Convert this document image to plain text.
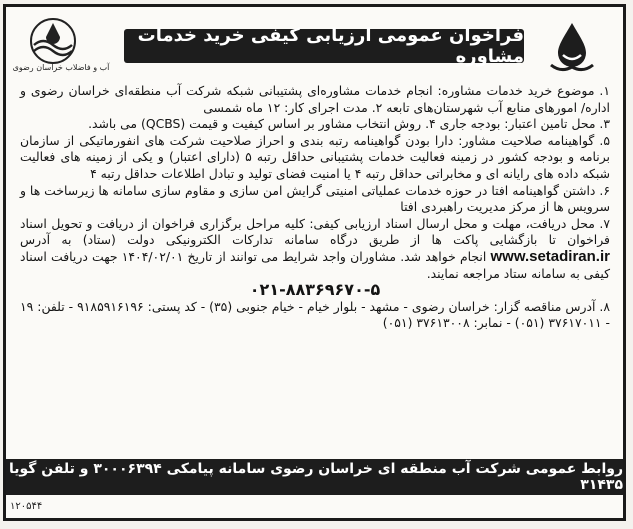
آب و فاضلاب خراسان رضوی
فراخوان عمومی ارزیابی کیفی خرید خدمات مشاوره

۱. موضوع خرید خدمات مشاوره: انجام خدمات مشاوره‌ای پشتیبانی شبکه شرکت آب منطقه‌ای خراسان رضوی و اداره/ امورهای منابع آب شهرستان‌های تابعه ۲. مدت اجرای کار: ۱۲ ماه شمسی

۳. محل تامین اعتبار: بودجه جاری ۴. روش انتخاب مشاور بر اساس کیفیت و قیمت (QCBS) می باشد.

۵. گواهینامه صلاحیت مشاور: دارا بودن گواهینامه رتبه بندی و احراز صلاحیت شرکت های انفورماتیکی از سازمان برنامه و بودجه کشور در زمینه فعالیت خدمات پشتیبانی حداقل رتبه ۵ (دارای اعتبار) و یکی از زمینه های فعالیت شبکه داده های رایانه ای و مخابراتی حداقل رتبه ۴ یا امنیت فضای تولید و تبادل اطلاعات حداقل رتبه ۴

۶. داشتن گواهینامه افتا در حوزه خدمات عملیاتی امنیتی گرایش امن سازی و مقاوم سازی سامانه ها زیرساخت ها و سرویس ها از مرکز مدیریت راهبردی افتا

۷. محل دریافت، مهلت و محل ارسال اسناد ارزیابی کیفی: کلیه مراحل برگزاری فراخوان از دریافت و تحویل اسناد فراخوان تا بازگشایی پاکت ها از طریق درگاه سامانه تدارکات الکترونیکی دولت (ستاد) به آدرس www.setadiran.ir انجام خواهد شد. مشاوران واجد شرایط می توانند از تاریخ ۱۴۰۴/۰۲/۰۱ جهت دریافت اسناد کیفی به سامانه ستاد مراجعه نمایند.

۰۲۱-۸۸۳۶۹۶۷۰-۵

۸. آدرس مناقصه گزار: خراسان رضوی - مشهد - بلوار خیام - خیام جنوبی (۳۵) - کد پستی: ۹۱۸۵۹۱۶۱۹۶ - تلفن: ۱۹ - ۳۷۶۱۷۰۱۱ (۰۵۱) - نمابر: ۳۷۶۱۳۰۰۸ (۰۵۱)

روابط عمومی شرکت آب منطقه ای خراسان رضوی سامانه پیامکی ۳۰۰۰۶۳۹۴ و تلفن گویا ۳۱۴۳۵
۱۲۰۵۴۴
